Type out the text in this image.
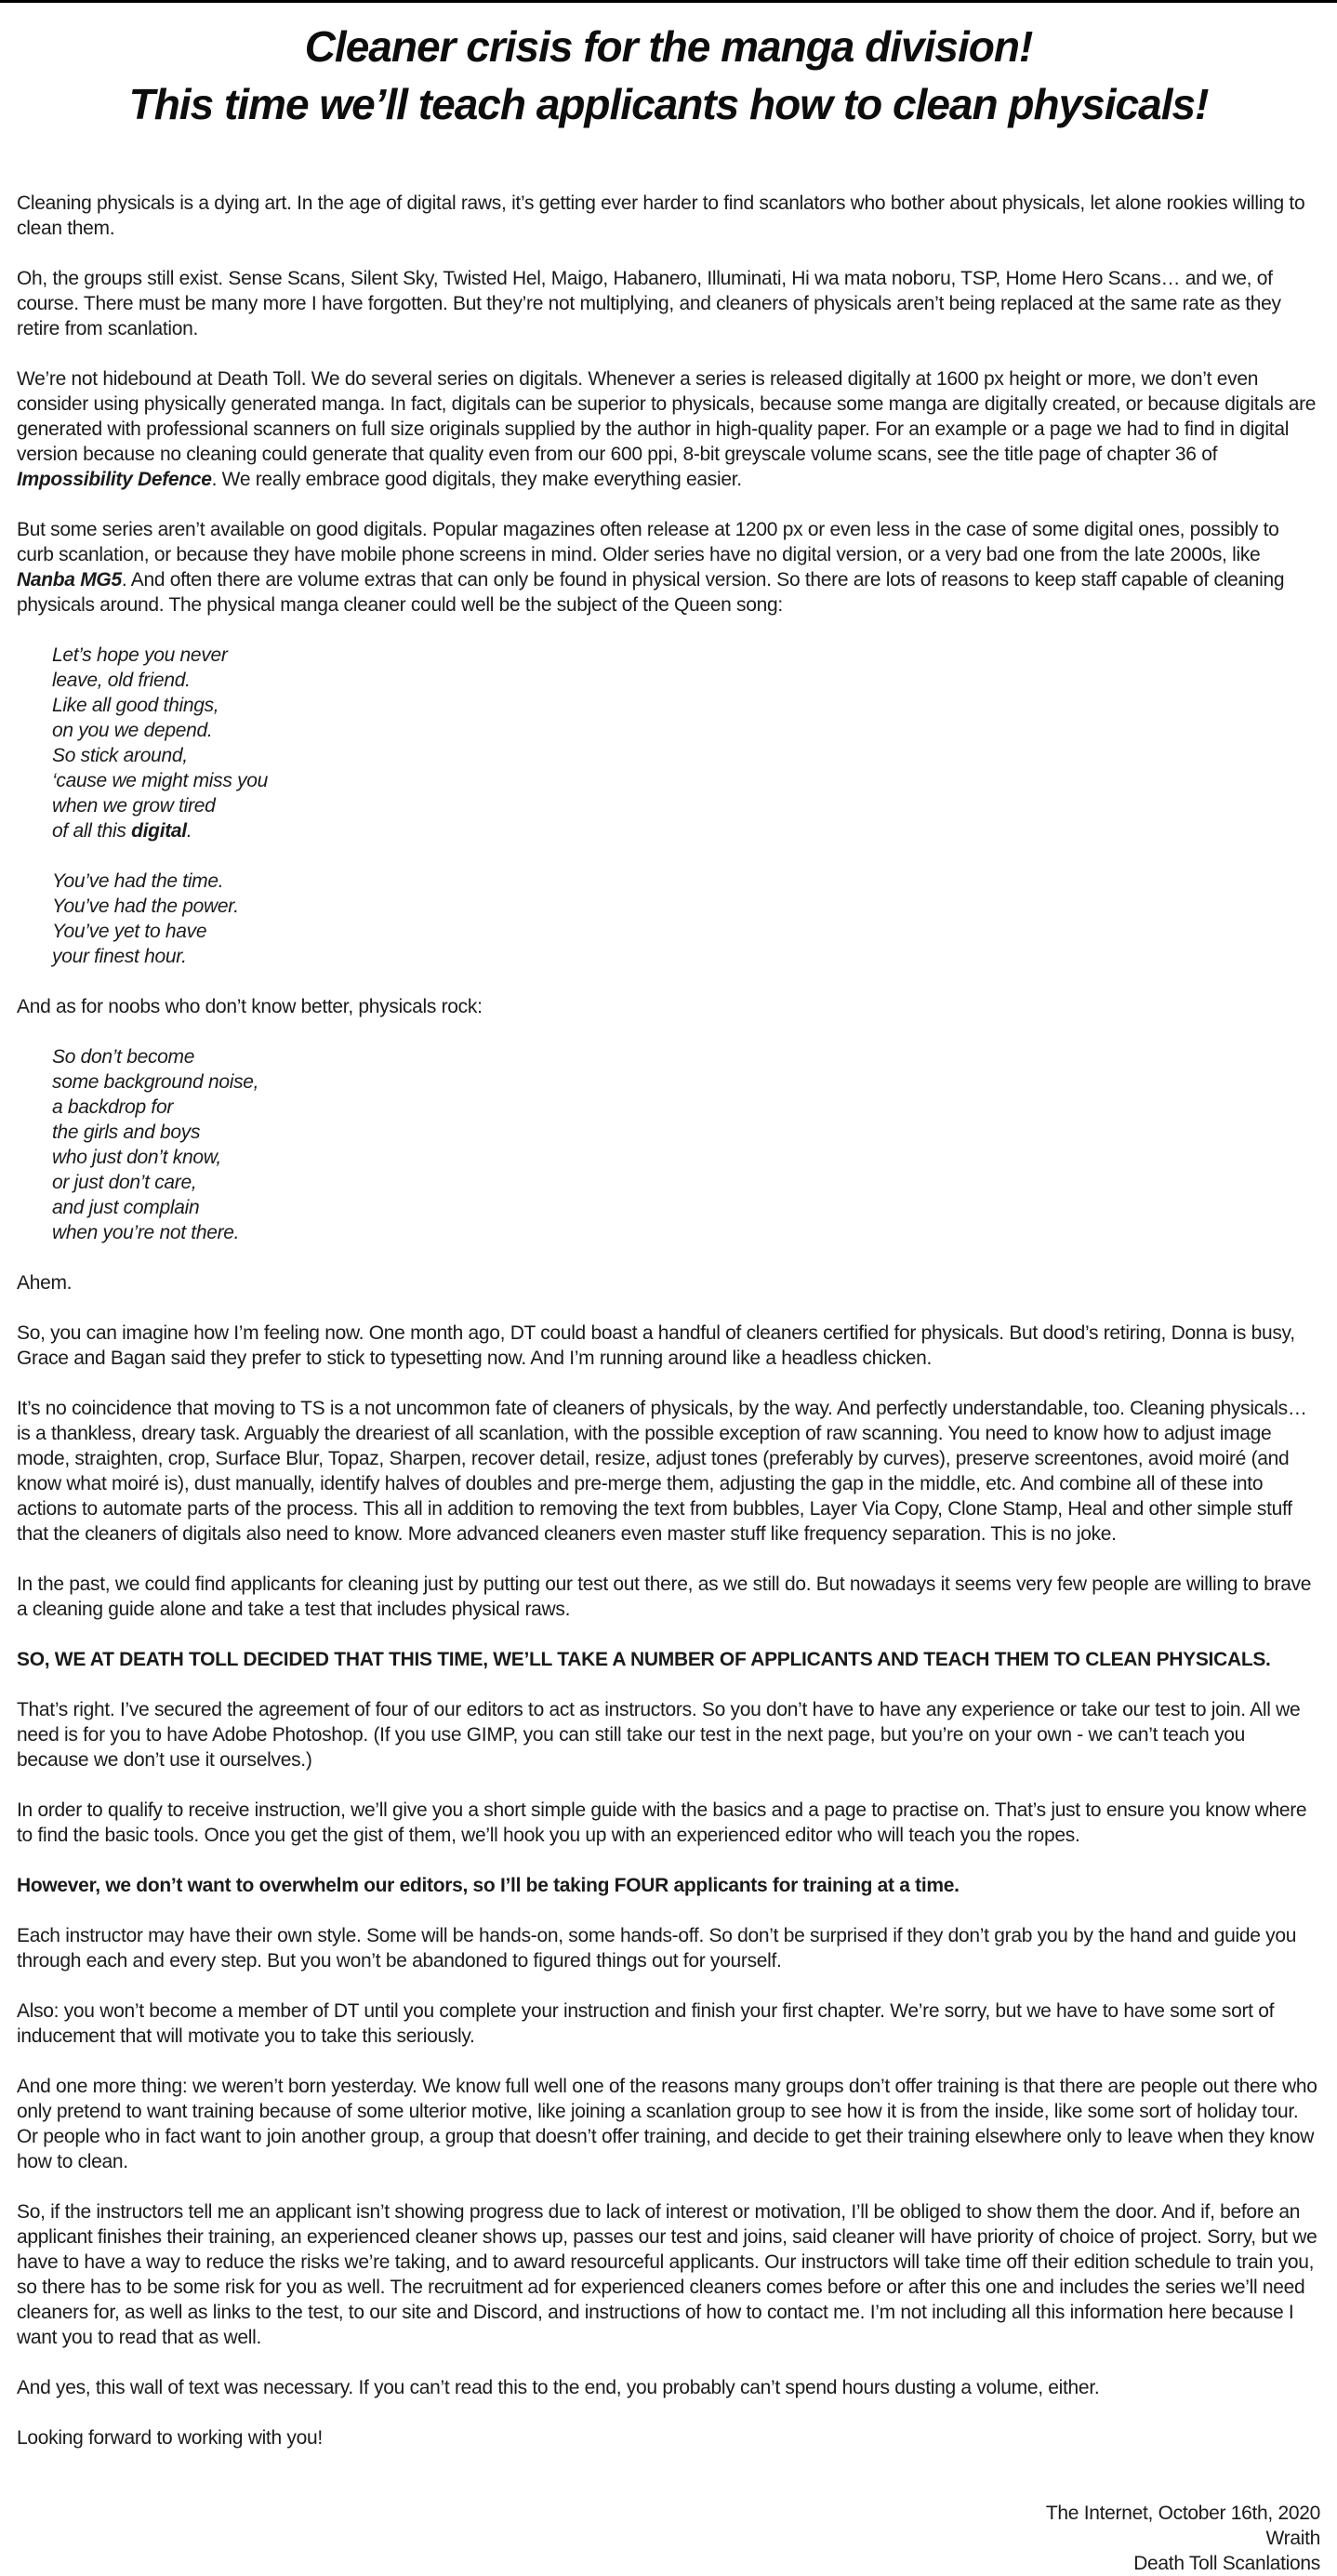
Cleaner crisis for the manga division!
This time we’ll teach applicants how to clean physicals!
Cleaning physicals is a dying art. In the age of digital raws, it’s getting ever harder to find scanlators who bother about physicals, let alone rookies willing to clean them.
Oh, the groups still exist. Sense Scans, Silent Sky, Twisted Hel, Maigo, Habanero, Illuminati, Hi wa mata noboru, TSP, Home Hero Scans… and we, of course. There must be many more I have forgotten. But they’re not multiplying, and cleaners of physicals aren’t being replaced at the same rate as they retire from scanlation.
We’re not hidebound at Death Toll. We do several series on digitals. Whenever a series is released digitally at 1600 px height or more, we don’t even consider using physically generated manga. In fact, digitals can be superior to physicals, because some manga are digitally created, or because digitals are generated with professional scanners on full size originals supplied by the author in high-quality paper. For an example or a page we had to find in digital version because no cleaning could generate that quality even from our 600 ppi, 8-bit greyscale volume scans, see the title page of chapter 36 of Impossibility Defence. We really embrace good digitals, they make everything easier.
But some series aren’t available on good digitals. Popular magazines often release at 1200 px or even less in the case of some digital ones, possibly to curb scanlation, or because they have mobile phone screens in mind. Older series have no digital version, or a very bad one from the late 2000s, like Nanba MG5. And often there are volume extras that can only be found in physical version. So there are lots of reasons to keep staff capable of cleaning physicals around. The physical manga cleaner could well be the subject of the Queen song:
Let’s hope you never
leave, old friend.
Like all good things,
on you we depend.
So stick around,
‘cause we might miss you
when we grow tired
of all this digital.
You’ve had the time.
You’ve had the power.
You’ve yet to have
your finest hour.
And as for noobs who don’t know better, physicals rock:
So don’t become
some background noise,
a backdrop for
the girls and boys
who just don’t know,
or just don’t care,
and just complain
when you’re not there.
Ahem.
So, you can imagine how I’m feeling now. One month ago, DT could boast a handful of cleaners certified for physicals. But dood’s retiring, Donna is busy, Grace and Bagan said they prefer to stick to typesetting now. And I’m running around like a headless chicken.
It’s no coincidence that moving to TS is a not uncommon fate of cleaners of physicals, by the way. And perfectly understandable, too. Cleaning physicals… is a thankless, dreary task. Arguably the dreariest of all scanlation, with the possible exception of raw scanning. You need to know how to adjust image mode, straighten, crop, Surface Blur, Topaz, Sharpen, recover detail, resize, adjust tones (preferably by curves), preserve screentones, avoid moiré (and know what moiré is), dust manually, identify halves of doubles and pre-merge them, adjusting the gap in the middle, etc. And combine all of these into actions to automate parts of the process. This all in addition to removing the text from bubbles, Layer Via Copy, Clone Stamp, Heal and other simple stuff that the cleaners of digitals also need to know. More advanced cleaners even master stuff like frequency separation. This is no joke.
In the past, we could find applicants for cleaning just by putting our test out there, as we still do. But nowadays it seems very few people are willing to brave a cleaning guide alone and take a test that includes physical raws.
SO, WE AT DEATH TOLL DECIDED THAT THIS TIME, WE’LL TAKE A NUMBER OF APPLICANTS AND TEACH THEM TO CLEAN PHYSICALS.
That’s right. I’ve secured the agreement of four of our editors to act as instructors. So you don’t have to have any experience or take our test to join. All we need is for you to have Adobe Photoshop. (If you use GIMP, you can still take our test in the next page, but you’re on your own - we can’t teach you because we don’t use it ourselves.)
In order to qualify to receive instruction, we’ll give you a short simple guide with the basics and a page to practise on. That’s just to ensure you know where to find the basic tools. Once you get the gist of them, we’ll hook you up with an experienced editor who will teach you the ropes.
However, we don’t want to overwhelm our editors, so I’ll be taking FOUR applicants for training at a time.
Each instructor may have their own style. Some will be hands-on, some hands-off. So don’t be surprised if they don’t grab you by the hand and guide you through each and every step. But you won’t be abandoned to figured things out for yourself.
Also: you won’t become a member of DT until you complete your instruction and finish your first chapter. We’re sorry, but we have to have some sort of inducement that will motivate you to take this seriously.
And one more thing: we weren’t born yesterday. We know full well one of the reasons many groups don’t offer training is that there are people out there who only pretend to want training because of some ulterior motive, like joining a scanlation group to see how it is from the inside, like some sort of holiday tour. Or people who in fact want to join another group, a group that doesn’t offer training, and decide to get their training elsewhere only to leave when they know how to clean.
So, if the instructors tell me an applicant isn’t showing progress due to lack of interest or motivation, I’ll be obliged to show them the door. And if, before an applicant finishes their training, an experienced cleaner shows up, passes our test and joins, said cleaner will have priority of choice of project. Sorry, but we have to have a way to reduce the risks we’re taking, and to award resourceful applicants. Our instructors will take time off their edition schedule to train you, so there has to be some risk for you as well. The recruitment ad for experienced cleaners comes before or after this one and includes the series we’ll need cleaners for, as well as links to the test, to our site and Discord, and instructions of how to contact me. I’m not including all this information here because I want you to read that as well.
And yes, this wall of text was necessary. If you can’t read this to the end, you probably can’t spend hours dusting a volume, either.
Looking forward to working with you!
The Internet, October 16th, 2020
Wraith
Death Toll Scanlations
